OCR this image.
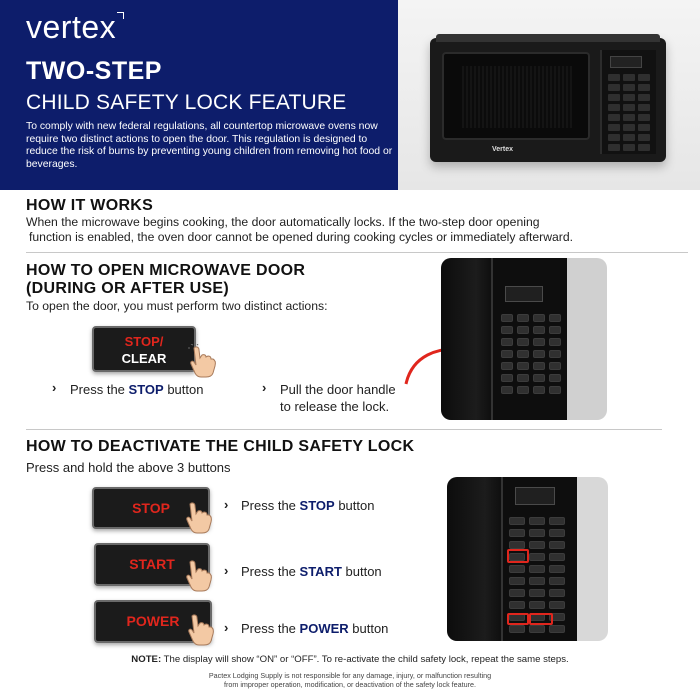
vertex
TWO-STEP
CHILD SAFETY LOCK FEATURE
To comply with new federal regulations, all countertop microwave ovens now require two distinct actions to open the door. This regulation is designed to reduce the risk of burns by preventing young children from removing hot food or beverages.
Vertex
HOW IT WORKS
When the microwave begins cooking, the door automatically locks. If the two-step door opening
function is enabled, the oven door cannot be opened during cooking cycles or immediately afterward.
HOW TO OPEN MICROWAVE DOOR
(DURING OR AFTER USE)
To open the door, you must perform two distinct actions:
STOP/
CLEAR
› Press the STOP button	› Pull the door handle
to release the lock.
HOW TO DEACTIVATE THE CHILD SAFETY LOCK
Press and hold the above 3 buttons
STOP	› Press the STOP button
START	› Press the START button
POWER	› Press the POWER button
NOTE: The display will show “ON” or “OFF”. To re-activate the child safety lock, repeat the same steps.
Pactex Lodging Supply is not responsible for any damage, injury, or malfunction resulting
from improper operation, modification, or deactivation of the safety lock feature.
